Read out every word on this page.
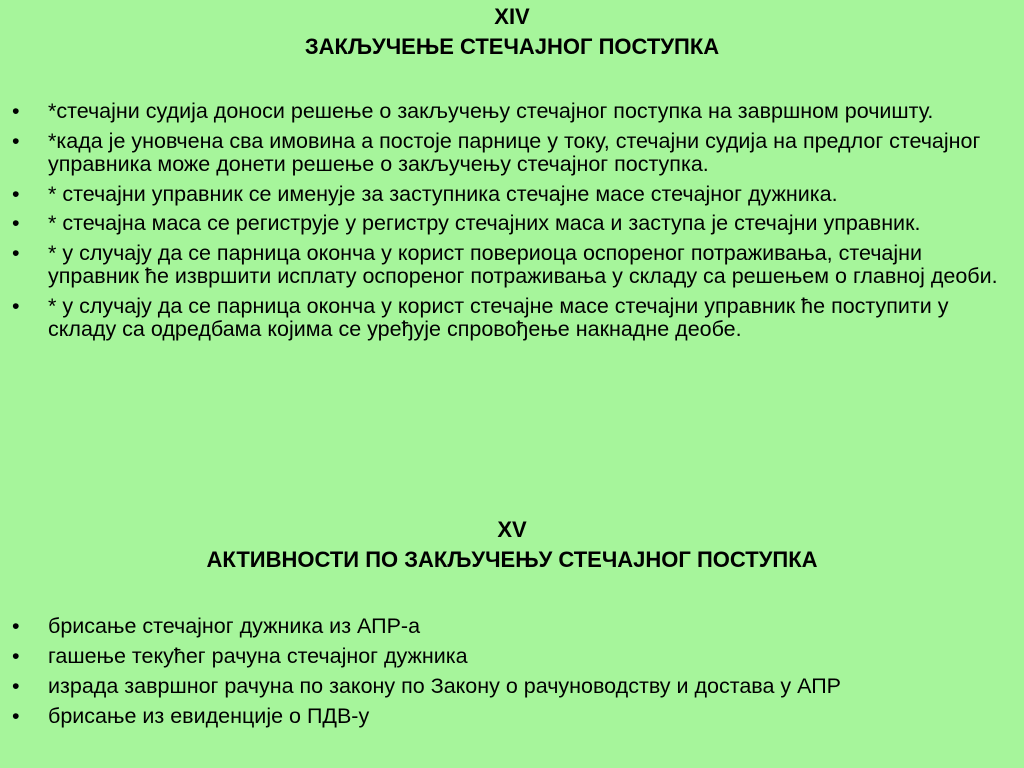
XIV
ЗАКЉУЧЕЊЕ СТЕЧАЈНОГ ПОСТУПКА
• *стечајни судија доноси решење о закључењу стечајног поступка на завршном рочишту.
• *када је уновчена сва имовина а постоје парнице у току, стечајни судија на предлог стечајног управника може донети решење о закључењу стечајног поступка.
• * стечајни управник се именује за заступника стечајне масе стечајног дужника.
• * стечајна маса се региструје у регистру стечајних маса и заступа је стечајни управник.
• * у случају да се парница оконча у корист повериоца оспореног потраживања, стечајни управник ће извршити исплату оспореног потраживања у складу са решењем о главној деоби.
• * у случају да се парница оконча у корист стечајне масе стечајни управник ће поступити у складу са одредбама којима се уређује спровођење накнадне деобе.
XV
АКТИВНОСТИ ПО ЗАКЉУЧЕЊУ СТЕЧАЈНОГ ПОСТУПКА
• брисање стечајног дужника из АПР-а
• гашење текућег рачуна стечајног дужника
• израда завршног рачуна по закону по Закону о рачуноводству и достава у АПР
• брисање из евиденције о ПДВ-у
